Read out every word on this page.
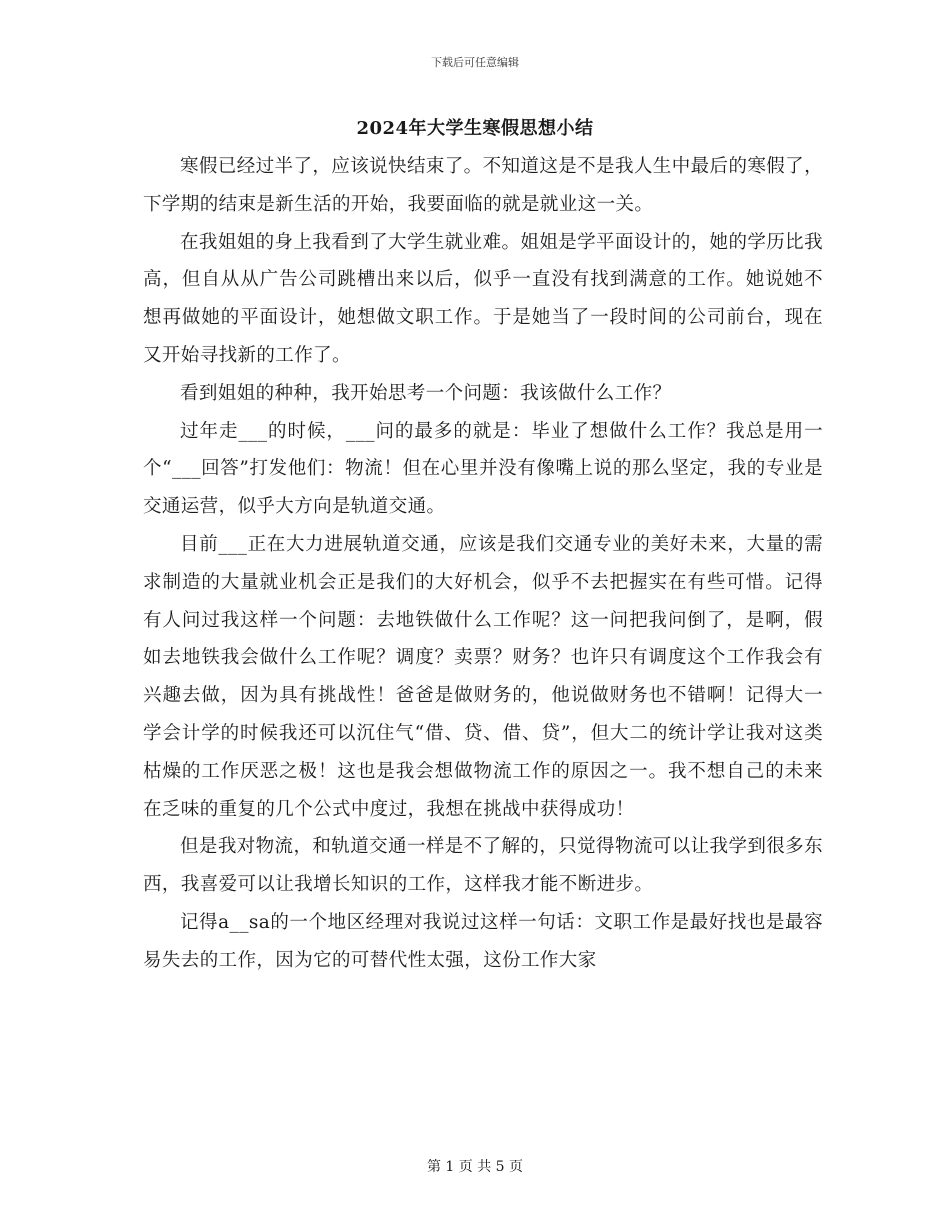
下载后可任意编辑
2024年大学生寒假思想小结

寒假已经过半了，应该说快结束了。不知道这是不是我人生中最后的寒假了，下学期的结束是新生活的开始，我要面临的就是就业这一关。

在我姐姐的身上我看到了大学生就业难。姐姐是学平面设计的，她的学历比我高，但自从从广告公司跳槽出来以后，似乎一直没有找到满意的工作。她说她不想再做她的平面设计，她想做文职工作。于是她当了一段时间的公司前台，现在又开始寻找新的工作了。

看到姐姐的种种，我开始思考一个问题：我该做什么工作？

过年走___的时候，___问的最多的就是：毕业了想做什么工作？我总是用一个“___回答”打发他们：物流！但在心里并没有像嘴上说的那么坚定，我的专业是交通运营，似乎大方向是轨道交通。

目前___正在大力进展轨道交通，应该是我们交通专业的美好未来，大量的需求制造的大量就业机会正是我们的大好机会，似乎不去把握实在有些可惜。记得有人问过我这样一个问题：去地铁做什么工作呢？这一问把我问倒了，是啊，假如去地铁我会做什么工作呢？调度？卖票？财务？也许只有调度这个工作我会有兴趣去做，因为具有挑战性！爸爸是做财务的，他说做财务也不错啊！记得大一学会计学的时候我还可以沉住气“借、贷、借、贷”，但大二的统计学让我对这类枯燥的工作厌恶之极！这也是我会想做物流工作的原因之一。我不想自己的未来在乏味的重复的几个公式中度过，我想在挑战中获得成功！

但是我对物流，和轨道交通一样是不了解的，只觉得物流可以让我学到很多东西，我喜爱可以让我增长知识的工作，这样我才能不断进步。

记得a__sa的一个地区经理对我说过这样一句话：文职工作是最好找也是最容易失去的工作，因为它的可替代性太强，这份工作大家

第 1 页 共 5 页
